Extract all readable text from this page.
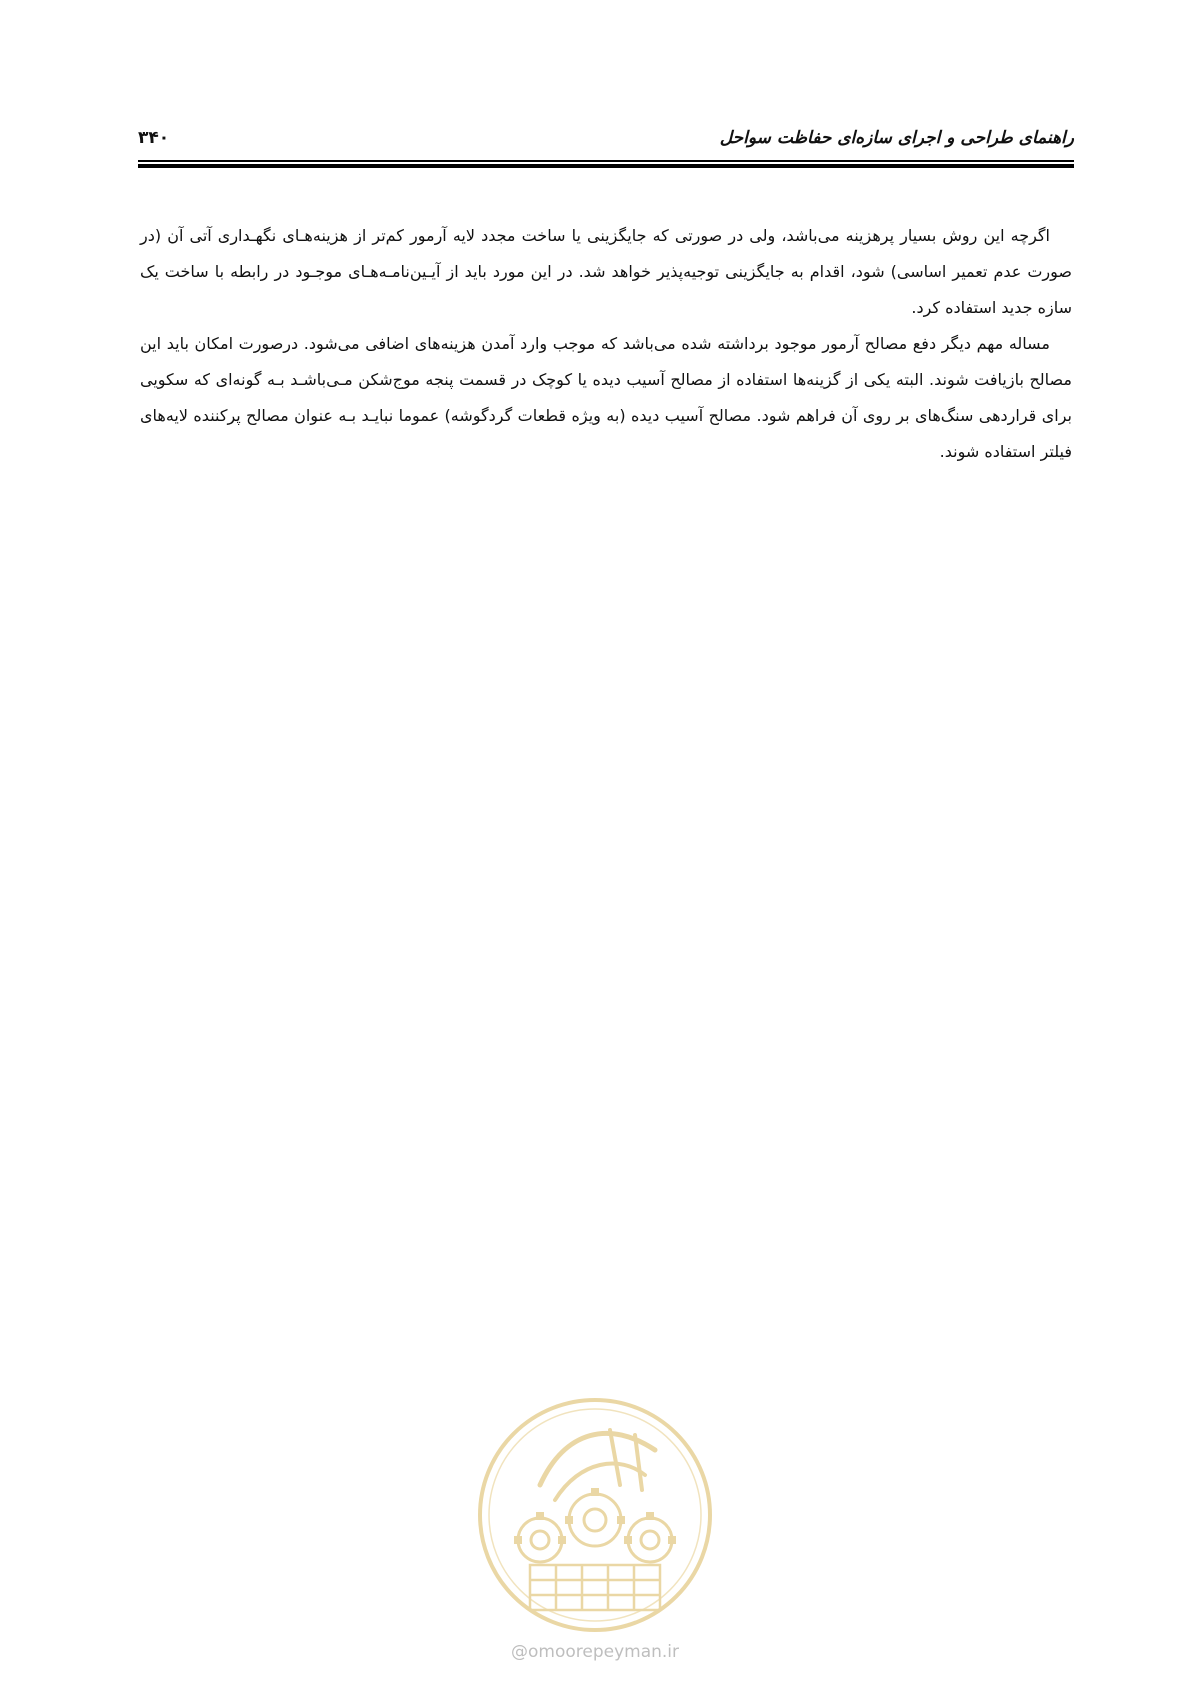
راهنمای طراحی و اجرای سازه‌ای حفاظت سواحل
۳۴۰

اگرچه این روش بسیار پرهزینه می‌باشد، ولی در صورتی که جایگزینی یا ساخت مجدد لایه آرمور کم‌تر از هزینه‌هـای نگهـداری آتی آن (در صورت عدم تعمیر اساسی) شود، اقدام به جایگزینی توجیه‌پذیر خواهد شد. در این مورد باید از آیـین‌نامـه‌هـای موجـود در رابطه با ساخت یک سازه جدید استفاده کرد.

مساله مهم دیگر دفع مصالح آرمور موجود برداشته شده می‌باشد که موجب وارد آمدن هزینه‌های اضافی می‌شود. درصورت امکان باید این مصالح بازیافت شوند. البته یکی از گزینه‌ها استفاده از مصالح آسیب دیده یا کوچک در قسمت پنجه موج‌شکن مـی‌باشـد بـه گونه‌ای که سکویی برای قراردهی سنگ‌های بر روی آن فراهم شود. مصالح آسیب دیده (به ویژه قطعات گردگوشه) عموما نبایـد بـه عنوان مصالح پرکننده لایه‌های فیلتر استفاده شوند.

@omoorepeyman.ir
